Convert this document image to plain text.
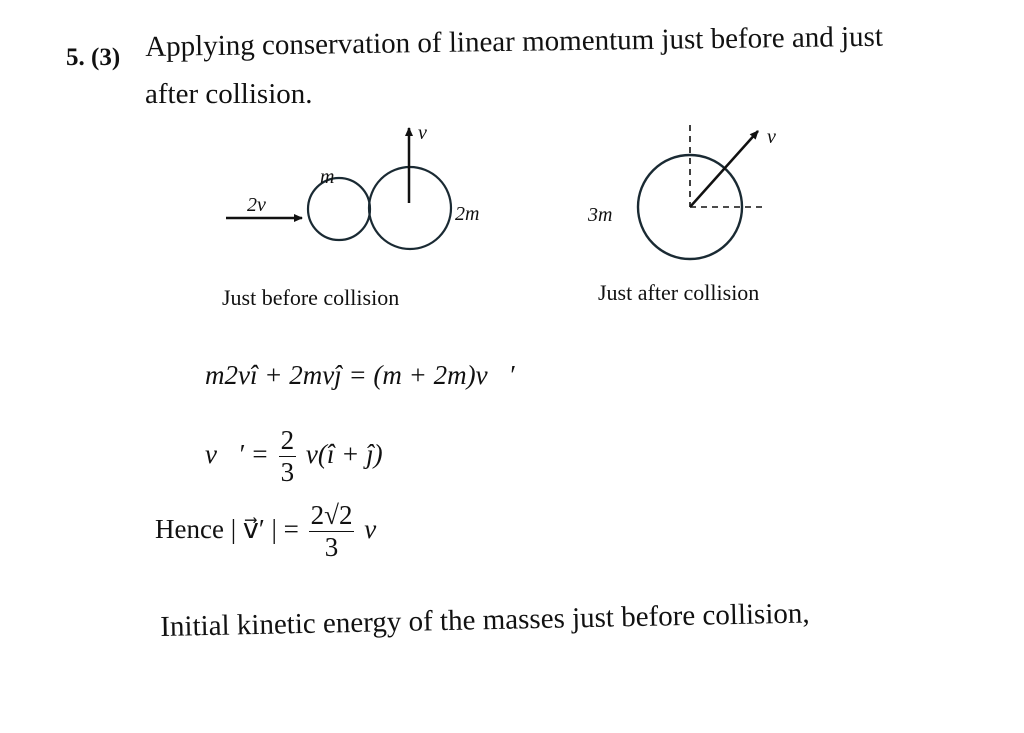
5. (3) Applying conservation of linear momentum just before and just
after collision.
2v
m
v
2m
v
3m
Just before collision	Just after collision
m2vî + 2mvĵ = (m + 2m)v⃗′
v⃗′ = $\frac{2}{3}$ v(î + ĵ)
Hence | v⃗′ | = $\frac{2√2}{3}$ v
Initial kinetic energy of the masses just before collision,
